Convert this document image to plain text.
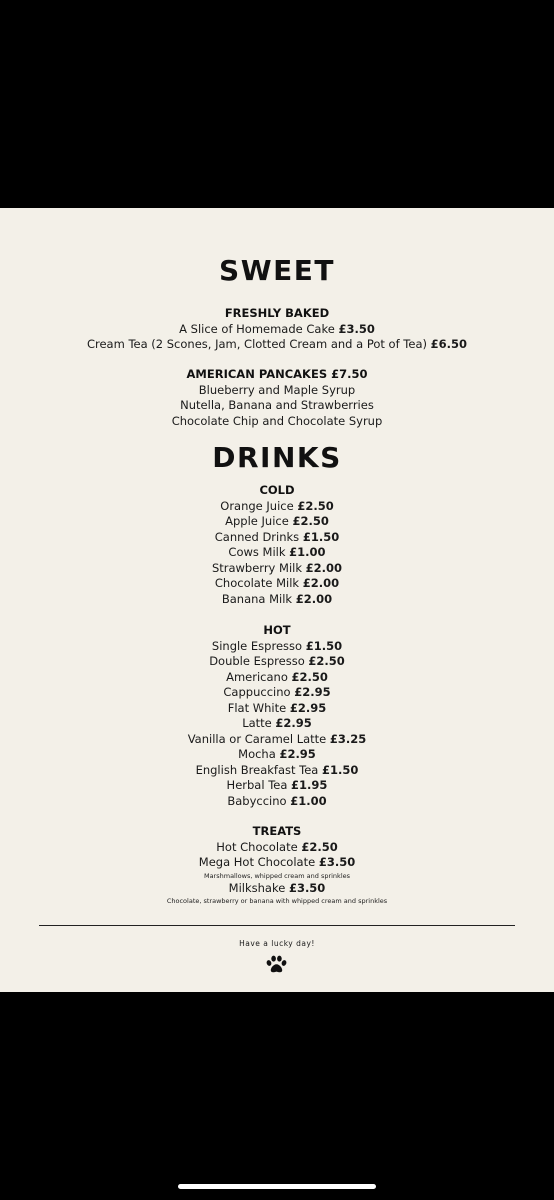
SWEET
FRESHLY BAKED
A Slice of Homemade Cake £3.50
Cream Tea (2 Scones, Jam, Clotted Cream and a Pot of Tea) £6.50
AMERICAN PANCAKES £7.50
Blueberry and Maple Syrup
Nutella, Banana and Strawberries
Chocolate Chip and Chocolate Syrup
DRINKS
COLD
Orange Juice £2.50
Apple Juice £2.50
Canned Drinks £1.50
Cows Milk £1.00
Strawberry Milk £2.00
Chocolate Milk £2.00
Banana Milk £2.00
HOT
Single Espresso £1.50
Double Espresso £2.50
Americano £2.50
Cappuccino £2.95
Flat White £2.95
Latte £2.95
Vanilla or Caramel Latte £3.25
Mocha £2.95
English Breakfast Tea £1.50
Herbal Tea £1.95
Babyccino £1.00
TREATS
Hot Chocolate £2.50
Mega Hot Chocolate £3.50
Marshmallows, whipped cream and sprinkles
Milkshake £3.50
Chocolate, strawberry or banana with whipped cream and sprinkles
Have a lucky day!
